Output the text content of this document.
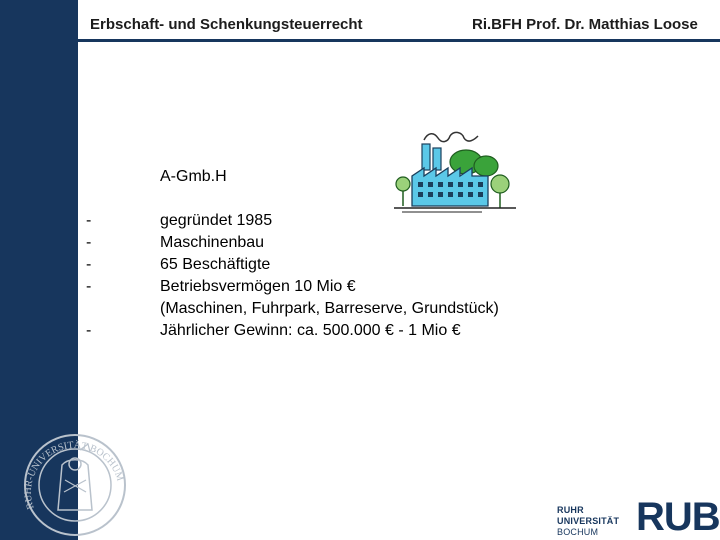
Erbschaft- und Schenkungsteuerrecht	Ri.BFH Prof. Dr. Matthias Loose
A-Gmb.H
-	gegründet 1985
-	Maschinenbau
-	65 Beschäftigte
-	Betriebsvermögen 10 Mio €
(Maschinen, Fuhrpark, Barreserve, Grundstück)
-	Jährlicher Gewinn: ca. 500.000 € - 1 Mio €
RUHR-UNIVERSITÄT BOCHUM
RUHR
UNIVERSITÄT
BOCHUM RUB
